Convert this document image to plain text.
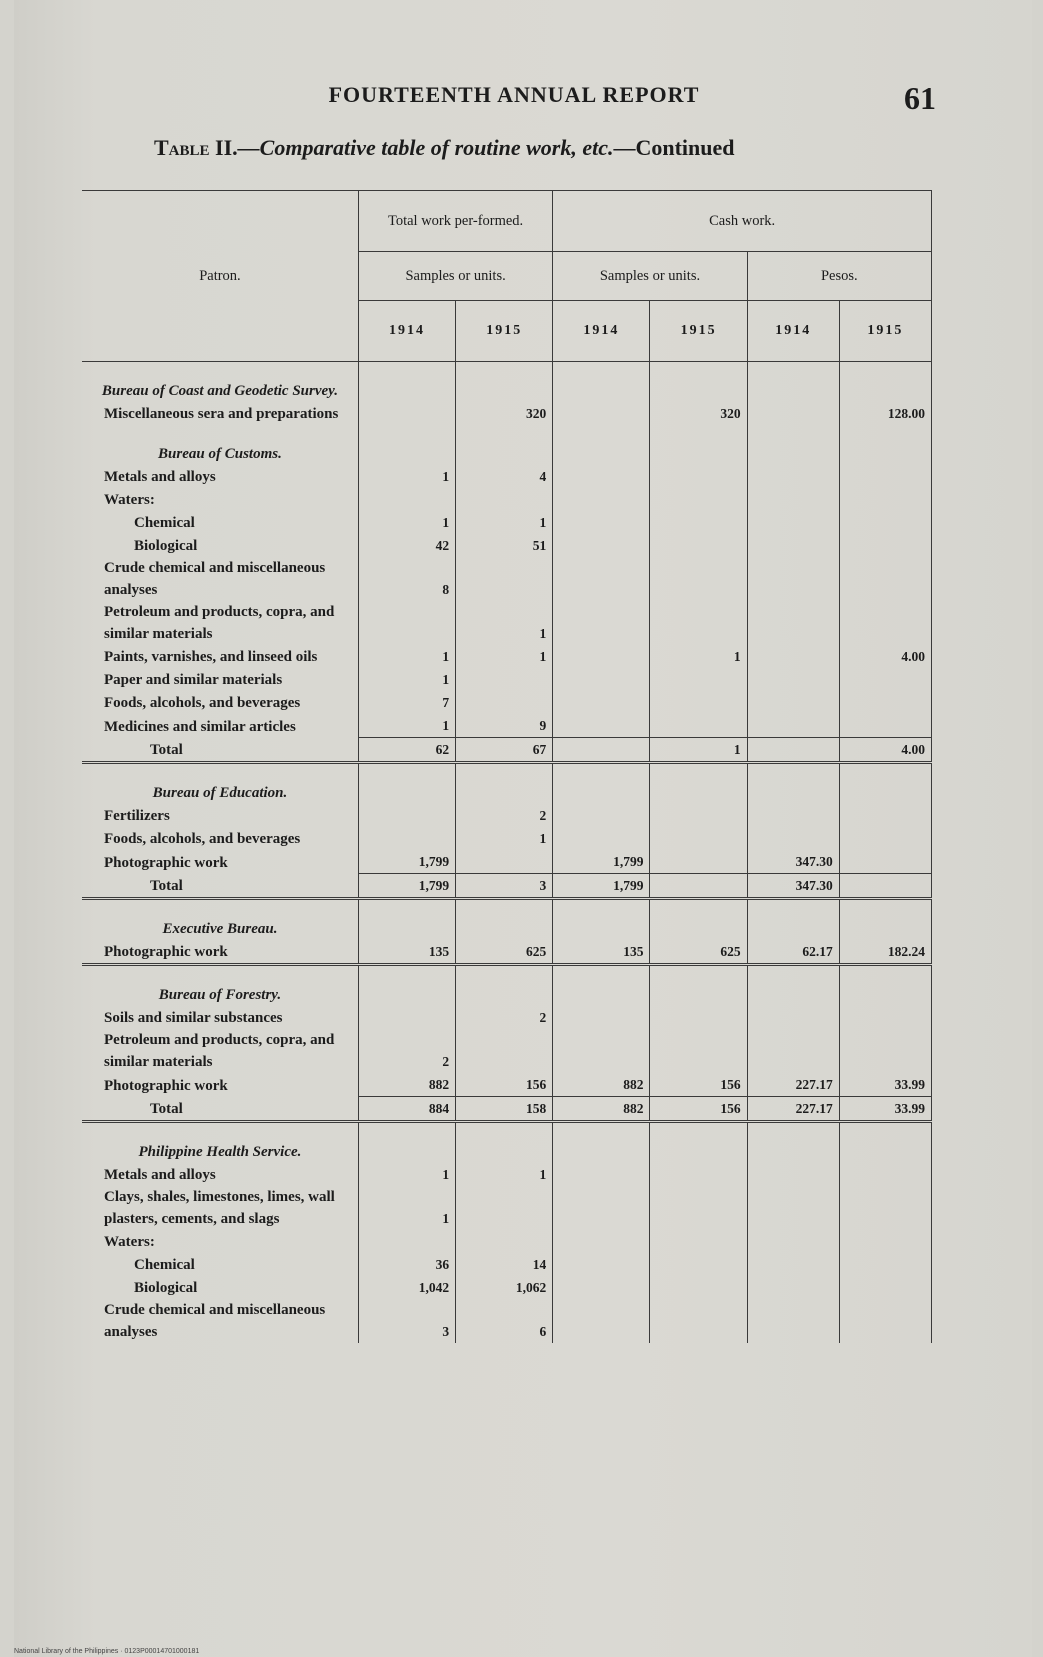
FOURTEENTH ANNUAL REPORT	61
Table II.—Comparative table of routine work, etc.—Continued
Patron.	Total work per-formed.		Cash work.			
	Samples or units.		Samples or units.		Pesos.	
	1914	1915	1914	1915	1914	1915
Bureau of Coast and Geodetic Survey.						
Miscellaneous sera and preparations		320		320		128.00
Bureau of Customs.						
Metals and alloys	1	4				
Waters:						
Chemical	1	1				
Biological	42	51				
Crude chemical and miscellaneous analyses	8					
Petroleum and products, copra, and similar materials		1				
Paints, varnishes, and linseed oils	1	1		1		4.00
Paper and similar materials	1					
Foods, alcohols, and beverages	7					
Medicines and similar articles	1	9				
Total	62	67		1		4.00
Bureau of Education.						
Fertilizers		2				
Foods, alcohols, and beverages		1				
Photographic work	1,799		1,799		347.30	
Total	1,799	3	1,799		347.30	
Executive Bureau.						
Photographic work	135	625	135	625	62.17	182.24
Bureau of Forestry.						
Soils and similar substances		2				
Petroleum and products, copra, and similar materials	2					
Photographic work	882	156	882	156	227.17	33.99
Total	884	158	882	156	227.17	33.99
Philippine Health Service.						
Metals and alloys	1	1				
Clays, shales, limestones, limes, wall plasters, cements, and slags	1					
Waters:						
Chemical	36	14				
Biological	1,042	1,062				
Crude chemical and miscellaneous analyses	3	6				
National Library of the Philippines · 0123P00014701000181
